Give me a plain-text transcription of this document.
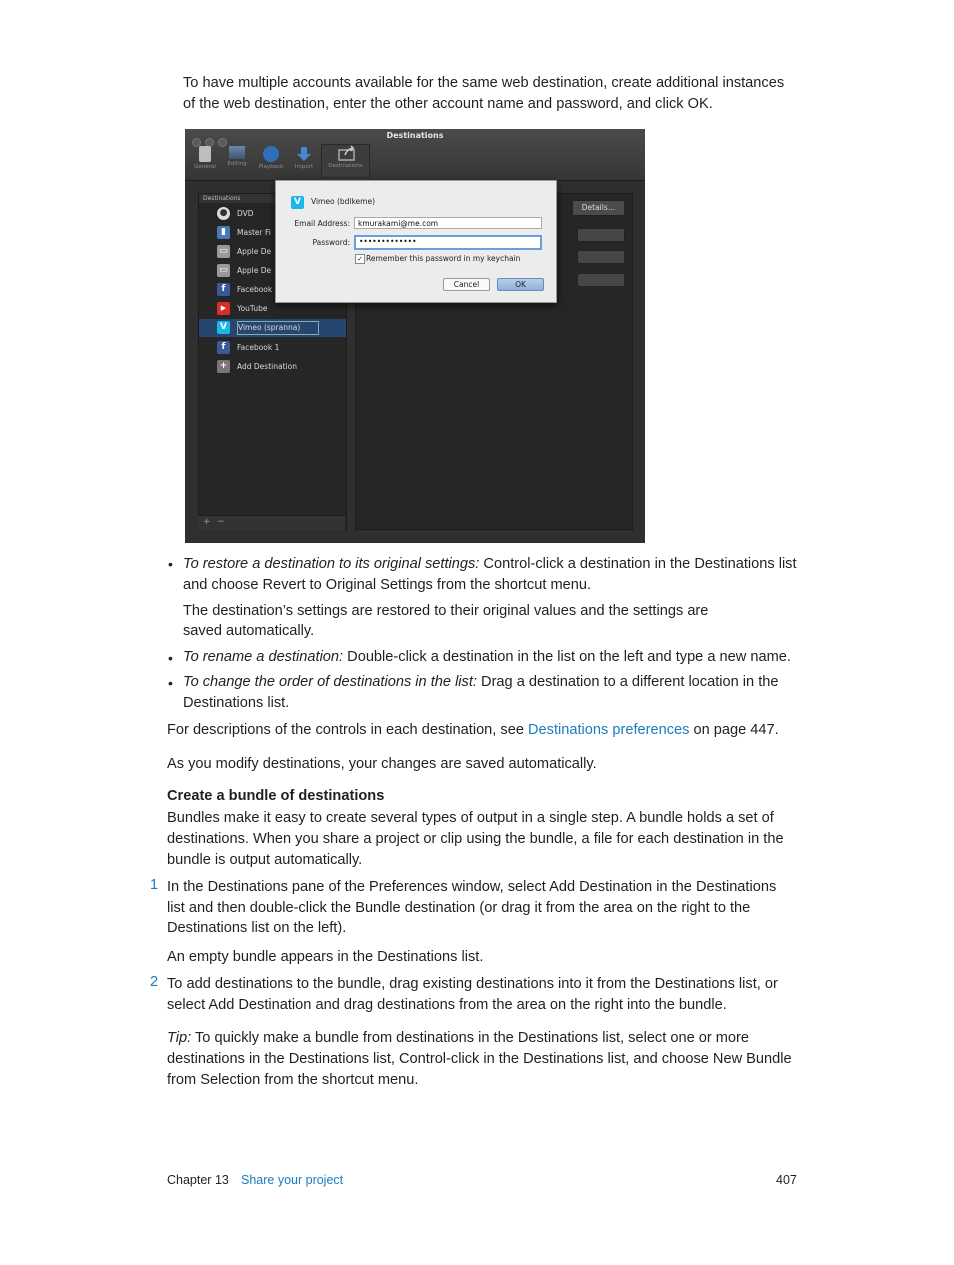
To have multiple accounts available for the same web destination, create additional instances

of the web destination, enter the other account name and password, and click OK.

Destinations
General	Editing	Playback	Import	Destinations
Destinations
●	DVD
▮	Master Fi
▭	Apple De
▭	Apple De
f	Facebook
▶	YouTube
V	Vimeo (spranna)
f	Facebook 1
+	Add Destination
+ −
Details…
V	Vimeo (bdlkeme)
Email Address:	kmurakami@me.com
Password:	•••••••••••••
✓ Remember this password in my keychain
Cancel	OK
• To restore a destination to its original settings: Control-click a destination in the Destinations list

and choose Revert to Original Settings from the shortcut menu.

The destination’s settings are restored to their original values and the settings are

saved automatically.

• To rename a destination: Double-click a destination in the list on the left and type a new name.

• To change the order of destinations in the list: Drag a destination to a different location in the

Destinations list.

For descriptions of the controls in each destination, see Destinations preferences on page 447.

As you modify destinations, your changes are saved automatically.

Create a bundle of destinations

Bundles make it easy to create several types of output in a single step. A bundle holds a set of

destinations. When you share a project or clip using the bundle, a file for each destination in the

bundle is output automatically.

1 In the Destinations pane of the Preferences window, select Add Destination in the Destinations

list and then double-click the Bundle destination (or drag it from the area on the right to the

Destinations list on the left).

An empty bundle appears in the Destinations list.

2 To add destinations to the bundle, drag existing destinations into it from the Destinations list, or

select Add Destination and drag destinations from the area on the right into the bundle.

Tip: To quickly make a bundle from destinations in the Destinations list, select one or more

destinations in the Destinations list, Control-click in the Destinations list, and choose New Bundle

from Selection from the shortcut menu.

Chapter 13 Share your project	407
